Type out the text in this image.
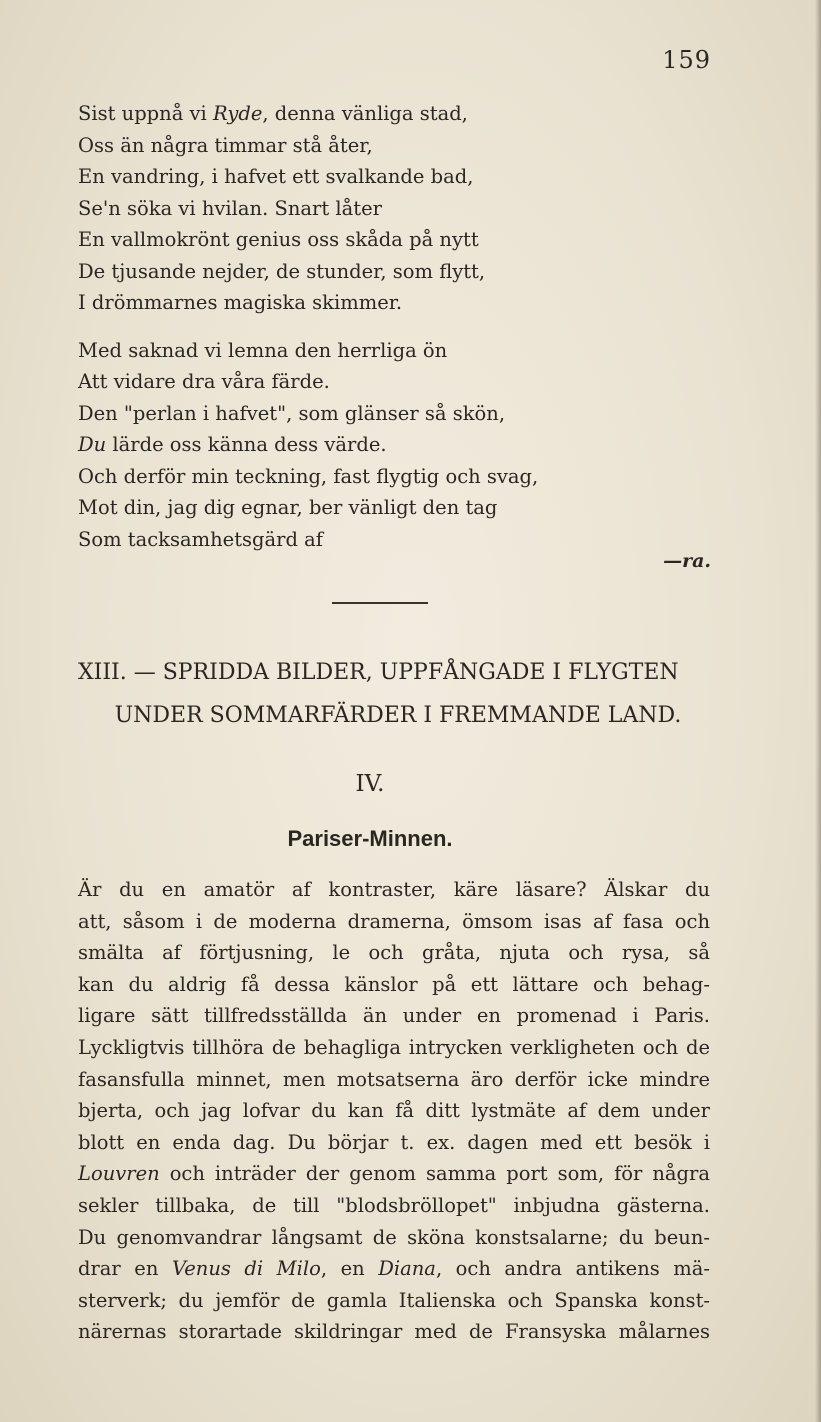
159
Sist uppnå vi Ryde, denna vänliga stad,
Oss än några timmar stå åter,
En vandring, i hafvet ett svalkande bad,
Se'n söka vi hvilan. Snart låter
En vallmokrönt genius oss skåda på nytt
De tjusande nejder, de stunder, som flytt,
I drömmarnes magiska skimmer.
Med saknad vi lemna den herrliga ön
Att vidare dra våra färde.
Den "perlan i hafvet", som glänser så skön,
Du lärde oss känna dess värde.
Och derför min teckning, fast flygtig och svag,
Mot din, jag dig egnar, ber vänligt den tag
Som tacksamhetsgärd af
—ra.
XIII. — SPRIDDA BILDER, UPPFÅNGADE I FLYGTEN
UNDER SOMMARFÄRDER I FREMMANDE LAND.
IV.
Pariser-Minnen.
Är du en amatör af kontraster, käre läsare? Älskar du
att, såsom i de moderna dramerna, ömsom isas af fasa och
smälta af förtjusning, le och gråta, njuta och rysa, så
kan du aldrig få dessa känslor på ett lättare och behag-
ligare sätt tillfredsställda än under en promenad i Paris.
Lyckligtvis tillhöra de behagliga intrycken verkligheten och de
fasansfulla minnet, men motsatserna äro derför icke mindre
bjerta, och jag lofvar du kan få ditt lystmäte af dem under
blott en enda dag. Du börjar t. ex. dagen med ett besök i
Louvren och inträder der genom samma port som, för några
sekler tillbaka, de till "blodsbröllopet" inbjudna gästerna.
Du genomvandrar långsamt de sköna konstsalarne; du beun-
drar en Venus di Milo, en Diana, och andra antikens mä-
sterverk; du jemför de gamla Italienska och Spanska konst-
närernas storartade skildringar med de Fransyska målarnes
